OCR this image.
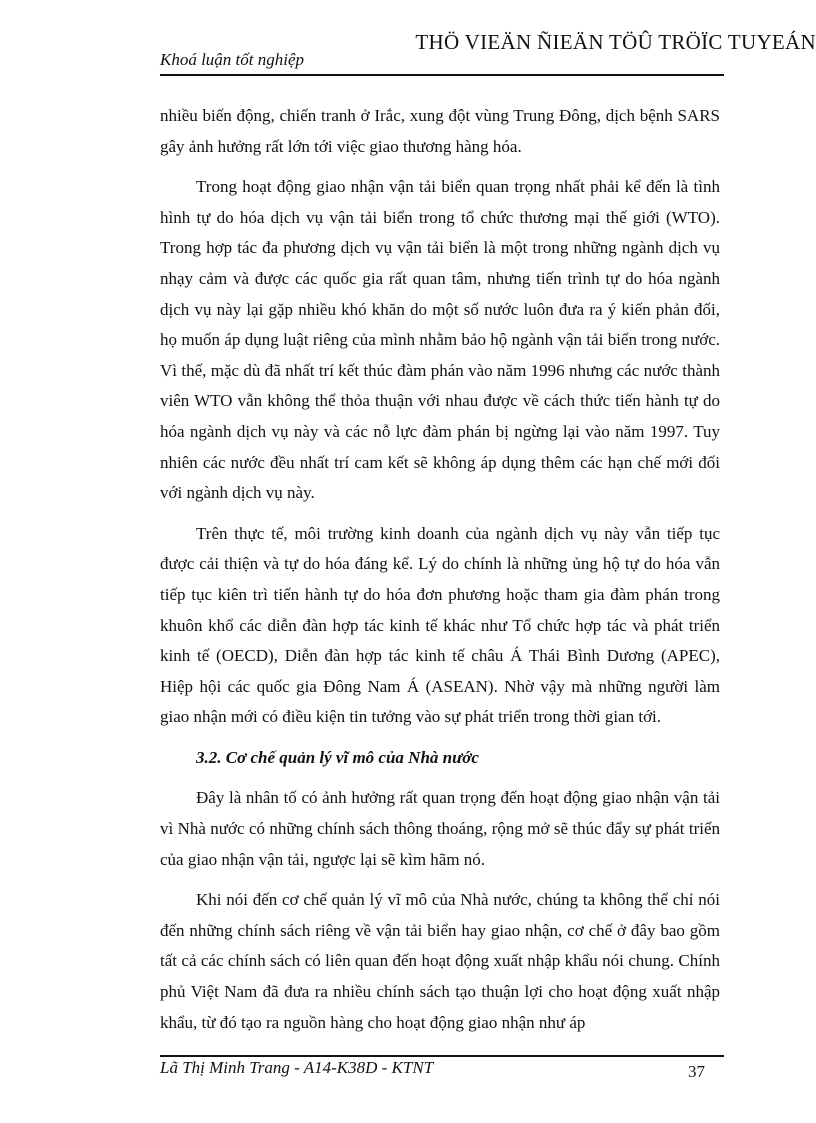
Khoá luận tốt nghiệp
THÖ VIEÄN ÑIEÄN TÖÛ TRÖÏC TUYEÁN

nhiều biến động, chiến tranh ở Irắc, xung đột vùng Trung Đông, dịch bệnh SARS gây ảnh hưởng rất lớn tới việc giao thương hàng hóa.

Trong hoạt động giao nhận vận tải biển quan trọng nhất phải kể đến là tình hình tự do hóa dịch vụ vận tải biển trong tổ chức thương mại thế giới (WTO). Trong hợp tác đa phương dịch vụ vận tải biển là một trong những ngành dịch vụ nhạy cảm và được các quốc gia rất quan tâm, nhưng tiến trình tự do hóa ngành dịch vụ này lại gặp nhiều khó khăn do một số nước luôn đưa ra ý kiến phản đối, họ muốn áp dụng luật riêng của mình nhằm bảo hộ ngành vận tải biển trong nước. Vì thế, mặc dù đã nhất trí kết thúc đàm phán vào năm 1996 nhưng các nước thành viên WTO vẫn không thể thỏa thuận với nhau được về cách thức tiến hành tự do hóa ngành dịch vụ này và các nỗ lực đàm phán bị ngừng lại vào năm 1997. Tuy nhiên các nước đều nhất trí cam kết sẽ không áp dụng thêm các hạn chế mới đối với ngành dịch vụ này.

Trên thực tế, môi trường kinh doanh của ngành dịch vụ này vẫn tiếp tục được cải thiện và tự do hóa đáng kể. Lý do chính là những ủng hộ tự do hóa vẫn tiếp tục kiên trì tiến hành tự do hóa đơn phương hoặc tham gia đàm phán trong khuôn khổ các diễn đàn hợp tác kinh tế khác như Tổ chức hợp tác và phát triển kinh tế (OECD), Diễn đàn hợp tác kinh tế châu Á Thái Bình Dương (APEC), Hiệp hội các quốc gia Đông Nam Á (ASEAN). Nhờ vậy mà những người làm giao nhận mới có điều kiện tin tưởng vào sự phát triển trong thời gian tới.

3.2. Cơ chế quản lý vĩ mô của Nhà nước

Đây là nhân tố có ảnh hưởng rất quan trọng đến hoạt động giao nhận vận tải vì Nhà nước có những chính sách thông thoáng, rộng mở sẽ thúc đẩy sự phát triển của giao nhận vận tải, ngược lại sẽ kìm hãm nó.

Khi nói đến cơ chế quản lý vĩ mô của Nhà nước, chúng ta không thể chỉ nói đến những chính sách riêng về vận tải biển hay giao nhận, cơ chế ở đây bao gồm tất cả các chính sách có liên quan đến hoạt động xuất nhập khẩu nói chung. Chính phủ Việt Nam đã đưa ra nhiều chính sách tạo thuận lợi cho hoạt động xuất nhập khẩu, từ đó tạo ra nguồn hàng cho hoạt động giao nhận như áp

Lã Thị Minh Trang - A14-K38D - KTNT	37
